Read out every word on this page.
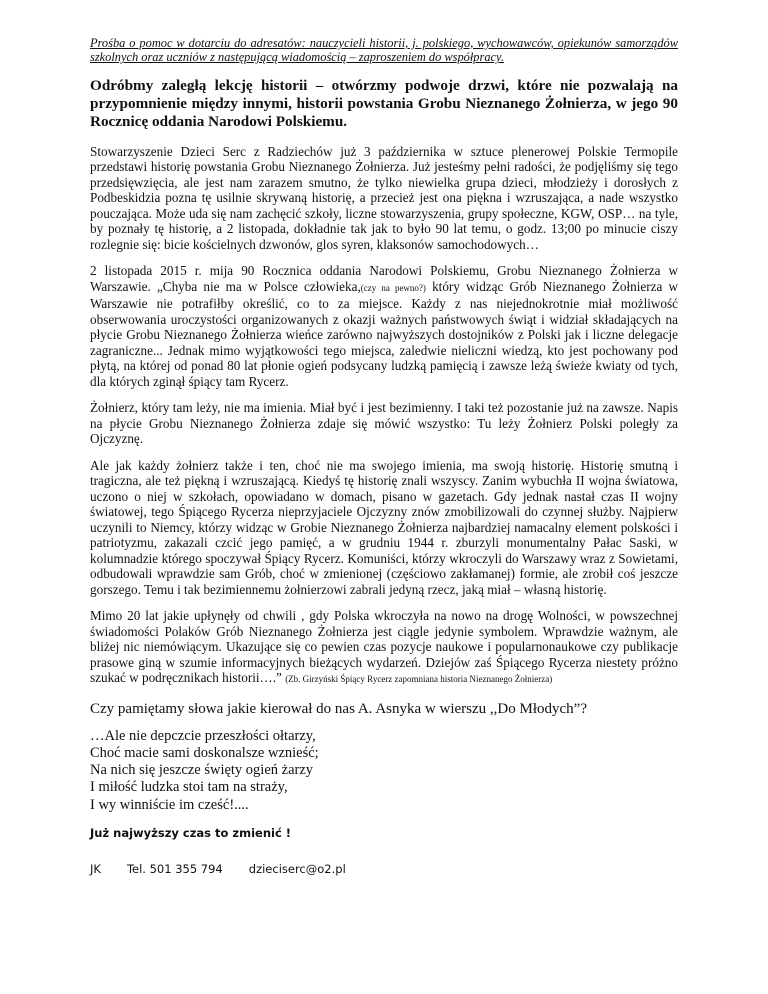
Prośba o pomoc w dotarciu do adresatów: nauczycieli historii, j. polskiego, wychowawców, opiekunów samorządów szkolnych oraz uczniów z następującą wiadomością – zaproszeniem do współpracy.

Odróbmy zaległą lekcję historii – otwórzmy podwoje drzwi, które nie pozwalają na przypomnienie między innymi, historii powstania Grobu Nieznanego Żołnierza, w jego 90 Rocznicę oddania Narodowi Polskiemu.

Stowarzyszenie Dzieci Serc z Radziechów już 3 października w sztuce plenerowej Polskie Termopile przedstawi historię powstania Grobu Nieznanego Żołnierza. Już jesteśmy pełni radości, że podjęliśmy się tego przedsięwzięcia, ale jest nam zarazem smutno, że tylko niewielka grupa dzieci, młodzieży i dorosłych z Podbeskidzia pozna tę usilnie skrywaną historię, a przecież jest ona piękna i wzruszająca, a nade wszystko pouczająca. Może uda się nam zachęcić szkoły, liczne stowarzyszenia, grupy społeczne, KGW, OSP… na tyle, by poznały tę historię, a 2 listopada, dokładnie tak jak to było 90 lat temu, o godz. 13;00 po minucie ciszy rozlegnie się: bicie kościelnych dzwonów, glos syren, klaksonów samochodowych…

2 listopada 2015 r. mija 90 Rocznica oddania Narodowi Polskiemu, Grobu Nieznanego Żołnierza w Warszawie. „Chyba nie ma w Polsce człowieka,(czy na pewno?) który widząc Grób Nieznanego Żołnierza w Warszawie nie potrafiłby określić, co to za miejsce. Każdy z nas niejednokrotnie miał możliwość obserwowania uroczystości organizowanych z okazji ważnych państwowych świąt i widział składających na płycie Grobu Nieznanego Żołnierza wieńce zarówno najwyższych dostojników z Polski jak i liczne delegacje zagraniczne... Jednak mimo wyjątkowości tego miejsca, zaledwie nieliczni wiedzą, kto jest pochowany pod płytą, na której od ponad 80 lat płonie ogień podsycany ludzką pamięcią i zawsze leżą świeże kwiaty od tych, dla których zginął śpiący tam Rycerz.

Żołnierz, który tam leży, nie ma imienia. Miał być i jest bezimienny. I taki też pozostanie już na zawsze. Napis na płycie Grobu Nieznanego Żołnierza zdaje się mówić wszystko: Tu leży Żołnierz Polski poległy za Ojczyznę.

Ale jak każdy żołnierz także i ten, choć nie ma swojego imienia, ma swoją historię. Historię smutną i tragiczna, ale też piękną i wzruszającą. Kiedyś tę historię znali wszyscy. Zanim wybuchła II wojna światowa, uczono o niej w szkołach, opowiadano w domach, pisano w gazetach. Gdy jednak nastał czas II wojny światowej, tego Śpiącego Rycerza nieprzyjaciele Ojczyzny znów zmobilizowali do czynnej służby. Najpierw uczynili to Niemcy, którzy widząc w Grobie Nieznanego Żołnierza najbardziej namacalny element polskości i patriotyzmu, zakazali czcić jego pamięć, a w grudniu 1944 r. zburzyli monumentalny Pałac Saski, w kolumnadzie którego spoczywał Śpiący Rycerz. Komuniści, którzy wkroczyli do Warszawy wraz z Sowietami, odbudowali wprawdzie sam Grób, choć w zmienionej (częściowo zakłamanej) formie, ale zrobił coś jeszcze gorszego. Temu i tak bezimiennemu żołnierzowi zabrali jedyną rzecz, jaką miał – własną historię.

Mimo 20 lat jakie upłynęły od chwili , gdy Polska wkroczyła na nowo na drogę Wolności, w powszechnej świadomości Polaków Grób Nieznanego Żołnierza jest ciągle jedynie symbolem. Wprawdzie ważnym, ale bliżej nic niemówiącym. Ukazujące się co pewien czas pozycje naukowe i popularnonaukowe czy publikacje prasowe giną w szumie informacyjnych bieżących wydarzeń. Dziejów zaś Śpiącego Rycerza niestety próżno szukać w podręcznikach historii….” (Zb. Girzyński Śpiący Rycerz zapomniana historia Nieznanego Żołnierza)

Czy pamiętamy słowa jakie kierował do nas A. Asnyka w wierszu ,,Do Młodych”?

…Ale nie depczcie przeszłości ołtarzy,
Choć macie sami doskonalsze wznieść;
Na nich się jeszcze święty ogień żarzy
I miłość ludzka stoi tam na straży,
I wy winniście im cześć!....

Już najwyższy czas to zmienić !

JK Tel. 501 355 794 dzieciserc@o2.pl
